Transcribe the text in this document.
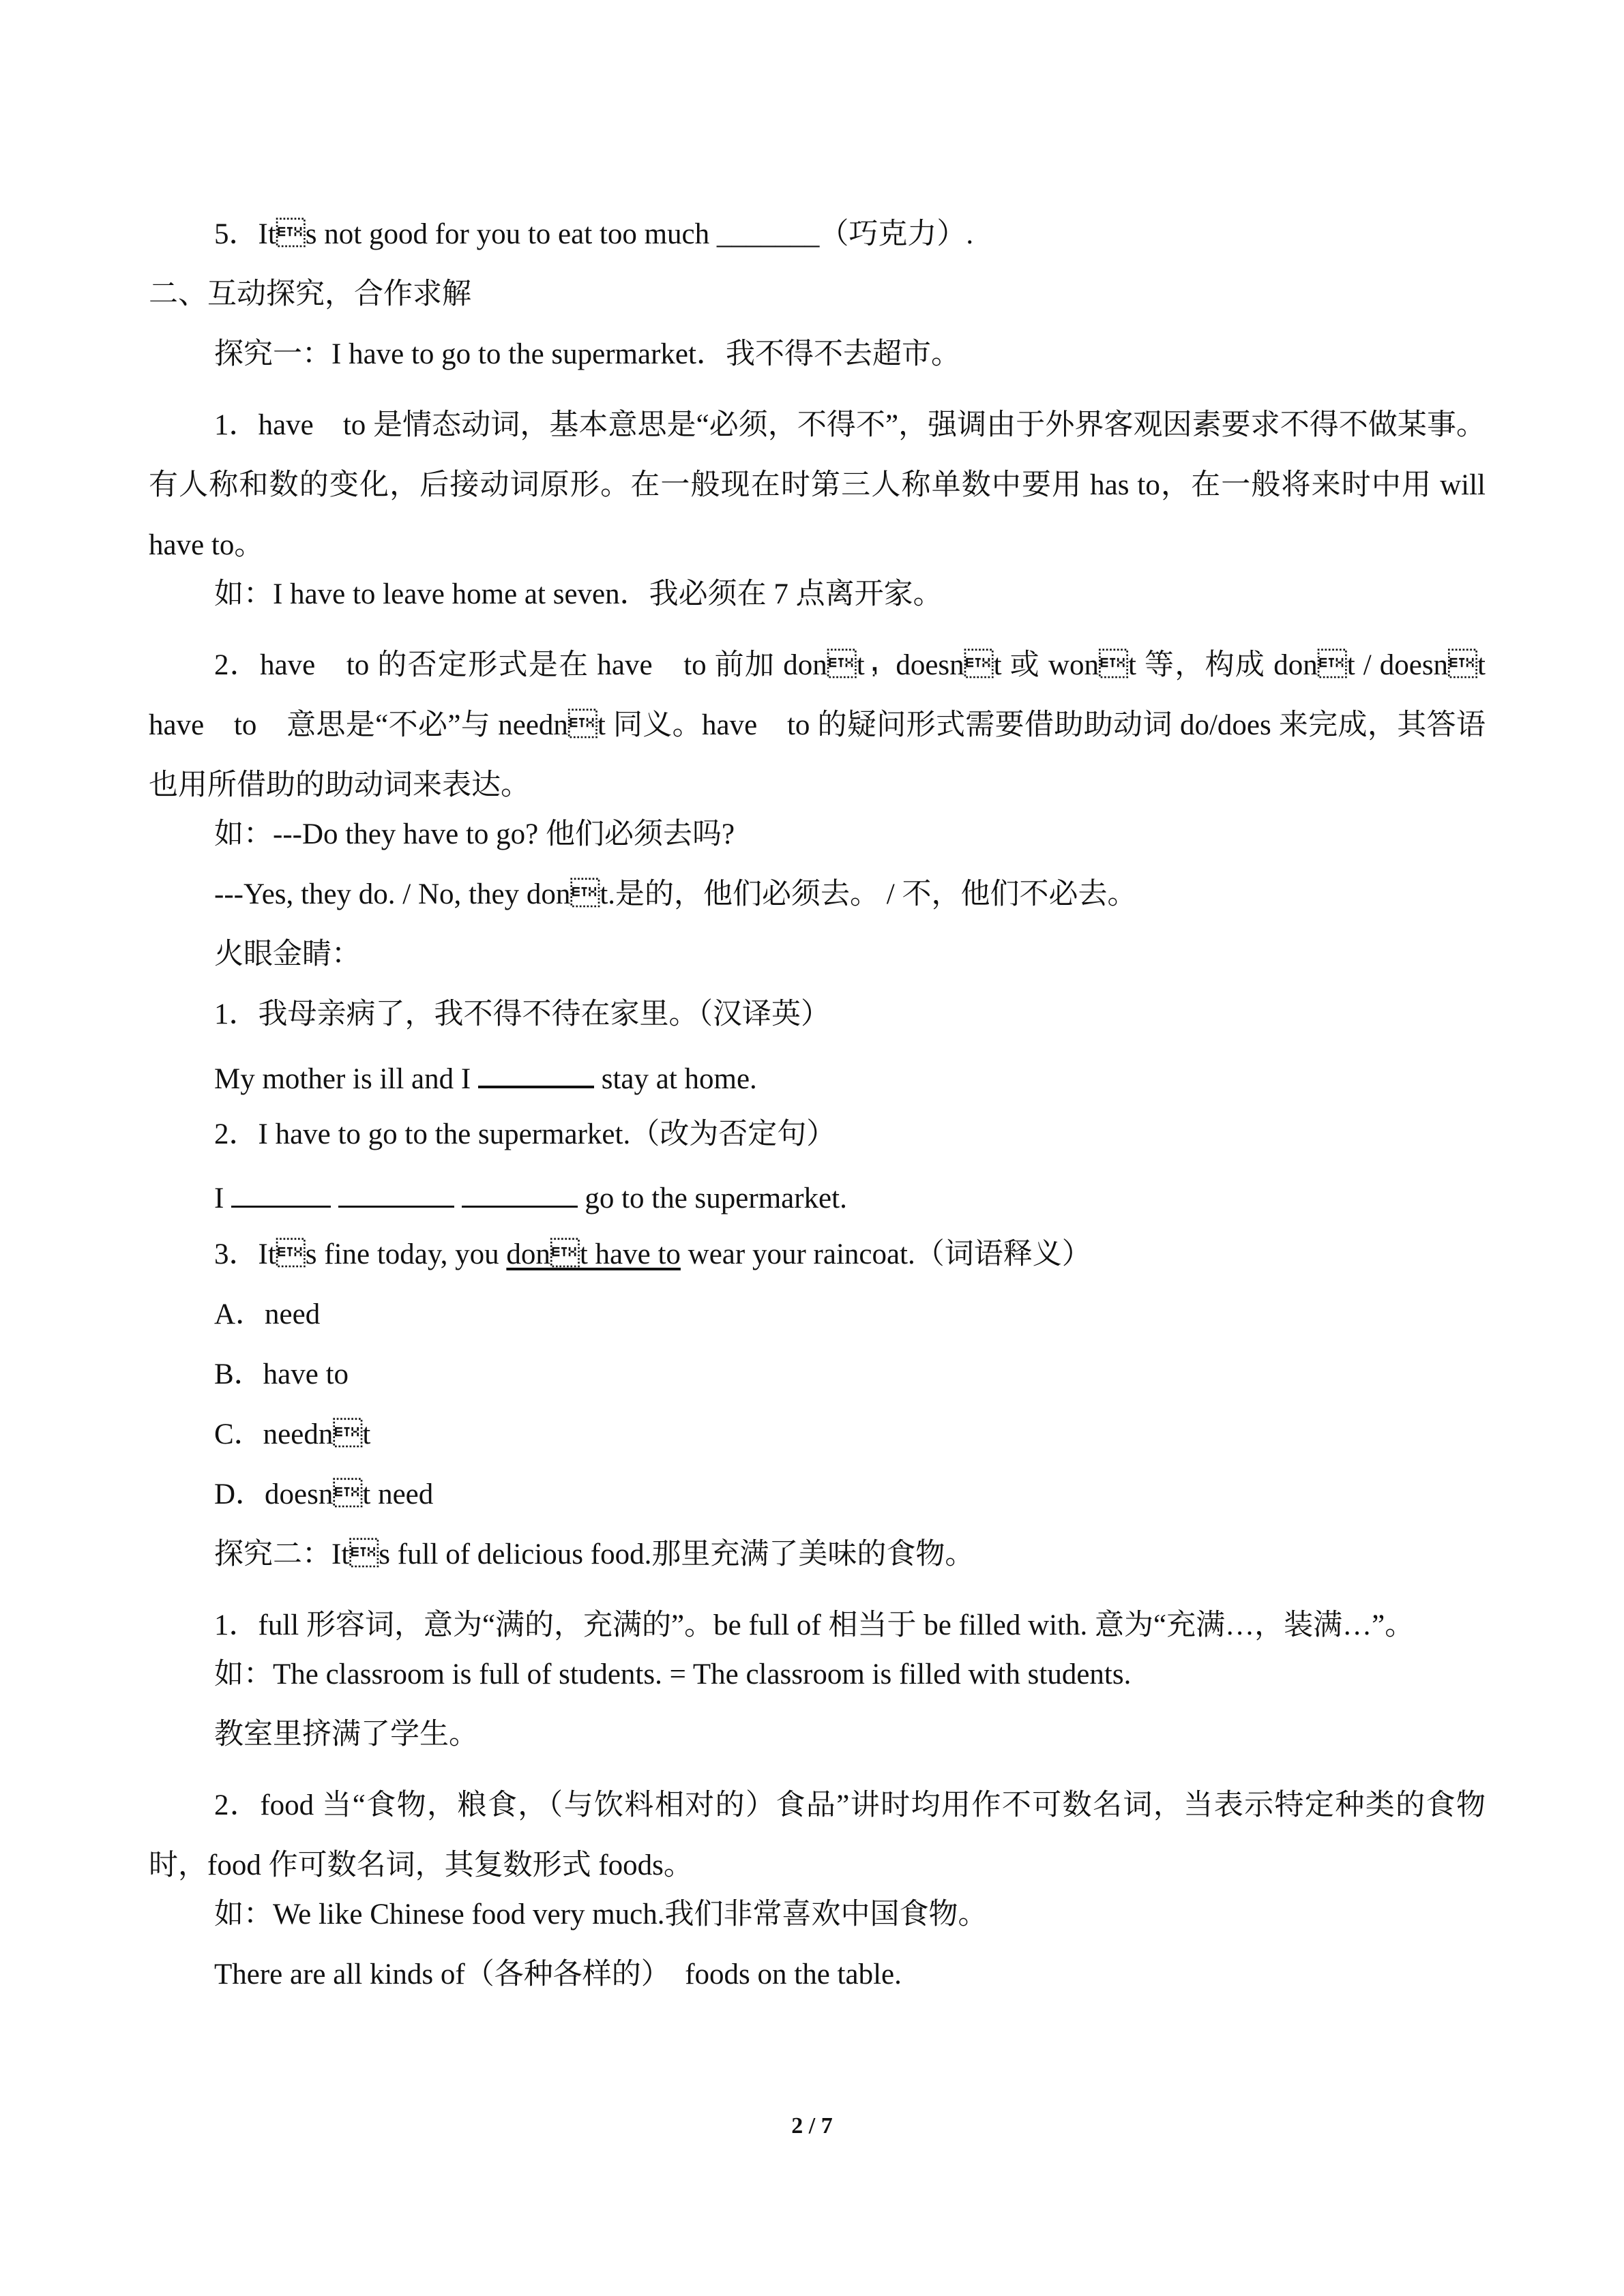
5．Its not good for you to eat too much _______（巧克力）.
二、互动探究，合作求解
探究一：I have to go to the supermarket．我不得不去超市。
1．have　to 是情态动词，基本意思是“必须，不得不”，强调由于外界客观因素要求不得不做某事。有人称和数的变化，后接动词原形。在一般现在时第三人称单数中要用 has to，在一般将来时中用 will have to。
如：I have to leave home at seven．我必须在 7 点离开家。
2．have　to 的否定形式是在 have　to 前加 dont，doesnt 或 wont 等，构成 dont / doesnt have　to　意思是“不必”与 neednt 同义。have　to 的疑问形式需要借助助动词 do/does 来完成，其答语也用所借助的助动词来表达。
如：---Do they have to go? 他们必须去吗?
---Yes, they do. / No, they dont.是的，他们必须去。 / 不，他们不必去。
火眼金睛：
1．我母亲病了，我不得不待在家里。（汉译英）
My mother is ill and I	stay at home.
2．I have to go to the supermarket.（改为否定句）
I	go to the supermarket.
3．Its fine today, you dont have to wear your raincoat.（词语释义）
A．need
B．have to
C．neednt
D．doesnt need
探究二：Its full of delicious food.那里充满了美味的食物。
1．full 形容词，意为“满的，充满的”。be full of 相当于 be filled with. 意为“充满…，装满…”。
如：The classroom is full of students. = The classroom is filled with students.
教室里挤满了学生。
2．food 当“食物，粮食，（与饮料相对的）食品”讲时均用作不可数名词，当表示特定种类的食物时，food 作可数名词，其复数形式 foods。
如：We like Chinese food very much.我们非常喜欢中国食物。
There are all kinds of（各种各样的）  foods on the table.
2 / 7
